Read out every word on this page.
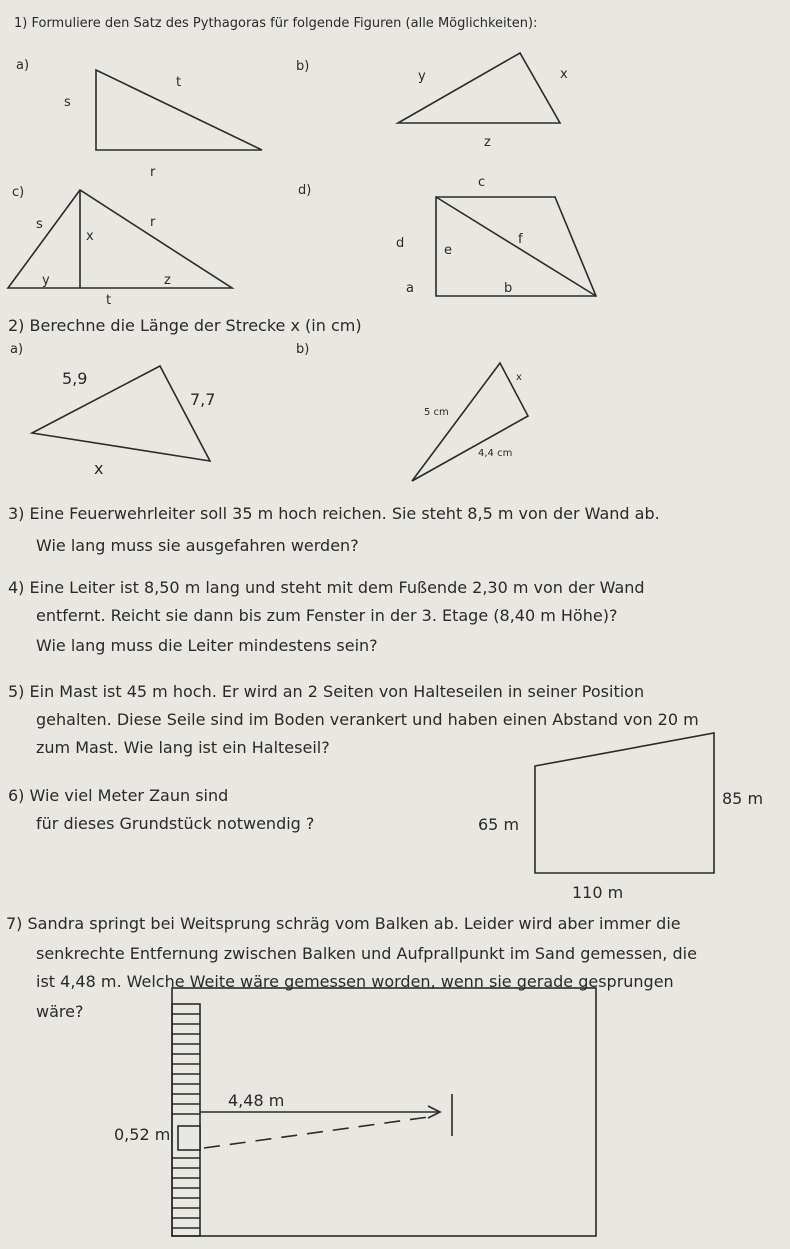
1) Formuliere den Satz des Pythagoras für folgende Figuren (alle Möglichkeiten):
a)
s
t
r
b)
y	x
z
c)
s	r
x
y	z
t
d)
c
d	e
f
a	b
2) Berechne die Länge der Strecke x (in cm)
a)	b)
5,9
7,7
x
x
5 cm
4,4 cm
3) Eine Feuerwehrleiter soll 35 m hoch reichen. Sie steht 8,5 m von der Wand ab.
Wie lang muss sie ausgefahren werden?
4) Eine Leiter ist 8,50 m lang und steht mit dem Fußende 2,30 m von der Wand
entfernt. Reicht sie dann bis zum Fenster in der 3. Etage (8,40 m Höhe)?
Wie lang muss die Leiter mindestens sein?
5) Ein Mast ist 45 m hoch. Er wird an 2 Seiten von Halteseilen in seiner Position
gehalten. Diese Seile sind im Boden verankert und haben einen Abstand von 20 m
zum Mast. Wie lang ist ein Halteseil?
6) Wie viel Meter Zaun sind
für dieses Grundstück notwendig ?
85 m
65 m
110 m
7) Sandra springt bei Weitsprung schräg vom Balken ab. Leider wird aber immer die
senkrechte Entfernung zwischen Balken und Aufprallpunkt im Sand gemessen, die
ist 4,48 m. Welche Weite wäre gemessen worden, wenn sie gerade gesprungen
wäre?
4,48 m
0,52 m
